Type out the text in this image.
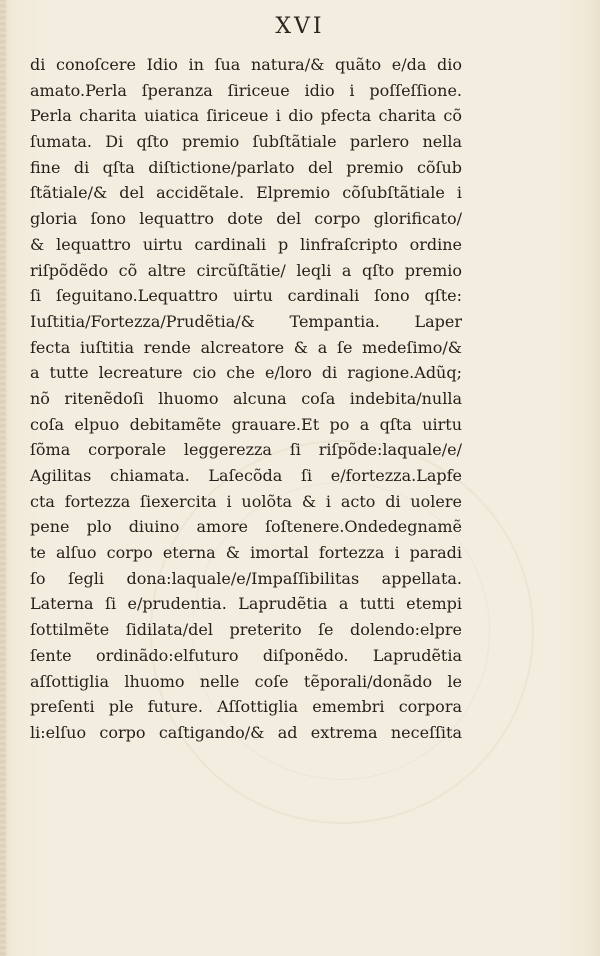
XVI
di conoſcere Idio in ſua natura/& quãto e/da dio
amato.Perla ſperanza ſiriceue idio i poſſeſſione.
Perla charita uiatica ſiriceue i dio pfecta charita cõ
ſumata. Di qſto premio ſubſtãtiale parlero nella
fine di qſta diſtictione/parlato del premio cõſub
ſtãtiale/& del accidẽtale. Elpremio cõſubſtãtiale i
gloria ſono lequattro dote del corpo glorificato/
& lequattro uirtu cardinali p linfraſcripto ordine
riſpõdẽdo cõ altre circũſtãtie/ leqli a qſto premio
ſi ſeguitano.Lequattro uirtu cardinali ſono qſte:
Iuſtitia/Fortezza/Prudẽtia/& Tempantia. Laper
fecta iuſtitia rende alcreatore & a ſe medeſimo/&
a tutte lecreature cio che e/loro di ragione.Adũq;
nõ ritenẽdoſi lhuomo alcuna coſa indebita/nulla
coſa elpuo debitamẽte grauare.Et po a qſta uirtu
ſõma corporale leggerezza ſi riſpõde:laquale/e/
Agilitas chiamata. Laſecõda ſi e/fortezza.Lapfe
cta fortezza ſiexercita i uolõta & i acto di uolere
pene plo diuino amore ſoſtenere.Ondedegnamẽ
te alſuo corpo eterna & imortal fortezza i paradi
ſo ſegli dona:laquale/e/Impaſſibilitas appellata.
Laterna ſi e/prudentia. Laprudẽtia a tutti etempi
ſottilmẽte ſidilata/del preterito ſe dolendo:elpre
ſente ordinãdo:elfuturo diſponẽdo. Laprudẽtia
aſſottiglia lhuomo nelle coſe tẽporali/donãdo le
preſenti ple future. Aſſottiglia emembri corpora
li:elſuo corpo caſtigando/& ad extrema neceſſita
